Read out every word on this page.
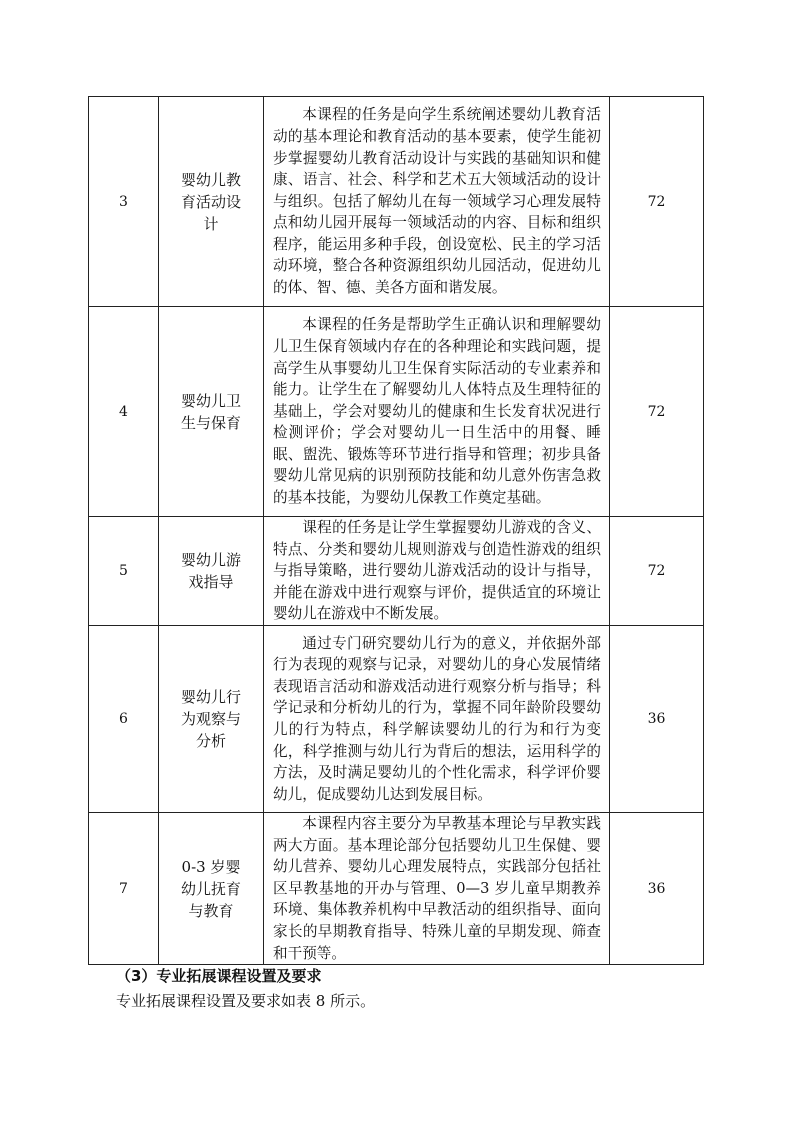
3	婴幼儿教育活动设计	本课程的任务是向学生系统阐述婴幼儿教育活动的基本理论和教育活动的基本要素，使学生能初步掌握婴幼儿教育活动设计与实践的基础知识和健康、语言、社会、科学和艺术五大领域活动的设计与组织。包括了解幼儿在每一领域学习心理发展特点和幼儿园开展每一领域活动的内容、目标和组织程序，能运用多种手段，创设宽松、民主的学习活动环境，整合各种资源组织幼儿园活动，促进幼儿的体、智、德、美各方面和谐发展。	72
4	婴幼儿卫生与保育	本课程的任务是帮助学生正确认识和理解婴幼儿卫生保育领域内存在的各种理论和实践问题，提高学生从事婴幼儿卫生保育实际活动的专业素养和能力。让学生在了解婴幼儿人体特点及生理特征的基础上，学会对婴幼儿的健康和生长发育状况进行检测评价；学会对婴幼儿一日生活中的用餐、睡眠、盥洗、锻炼等环节进行指导和管理；初步具备婴幼儿常见病的识别预防技能和幼儿意外伤害急救的基本技能，为婴幼儿保教工作奠定基础。	72
5	婴幼儿游戏指导	课程的任务是让学生掌握婴幼儿游戏的含义、特点、分类和婴幼儿规则游戏与创造性游戏的组织与指导策略，进行婴幼儿游戏活动的设计与指导，并能在游戏中进行观察与评价，提供适宜的环境让婴幼儿在游戏中不断发展。	72
6	婴幼儿行为观察与分析	通过专门研究婴幼儿行为的意义，并依据外部行为表现的观察与记录，对婴幼儿的身心发展情绪表现语言活动和游戏活动进行观察分析与指导；科学记录和分析幼儿的行为，掌握不同年龄阶段婴幼儿的行为特点，科学解读婴幼儿的行为和行为变化，科学推测与幼儿行为背后的想法，运用科学的方法，及时满足婴幼儿的个性化需求，科学评价婴幼儿，促成婴幼儿达到发展目标。	36
7	0-3 岁婴幼儿抚育与教育	本课程内容主要分为早教基本理论与早教实践两大方面。基本理论部分包括婴幼儿卫生保健、婴幼儿营养、婴幼儿心理发展特点，实践部分包括社区早教基地的开办与管理、0—3 岁儿童早期教养环境、集体教养机构中早教活动的组织指导、面向家长的早期教育指导、特殊儿童的早期发现、筛查和干预等。	36
（3）专业拓展课程设置及要求

专业拓展课程设置及要求如表 8 所示。
